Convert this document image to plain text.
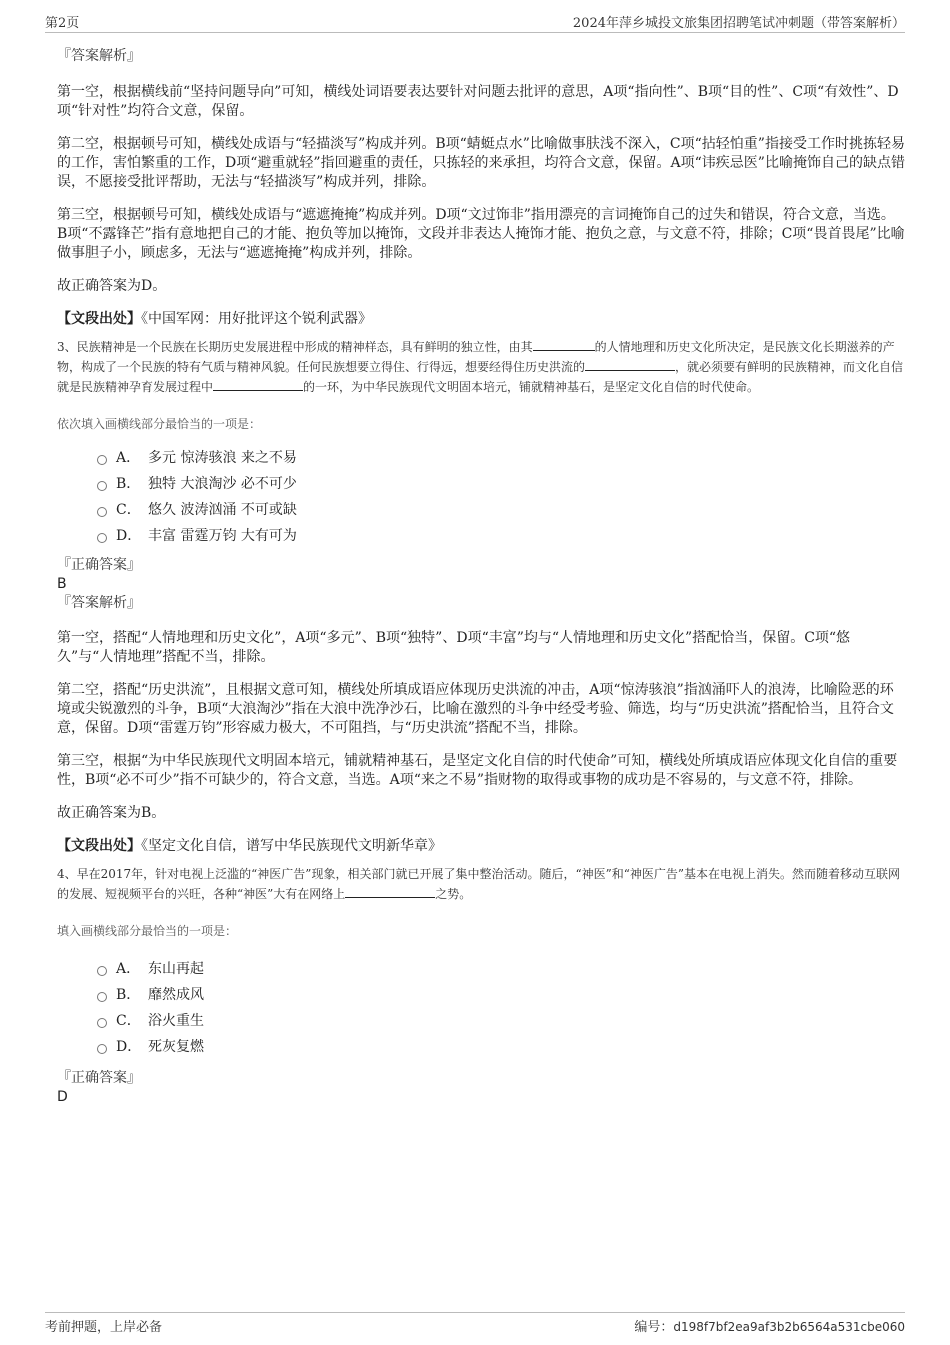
第2页	2024年萍乡城投文旅集团招聘笔试冲刺题（带答案解析）
『答案解析』

第一空，根据横线前“坚持问题导向”可知，横线处词语要表达要针对问题去批评的意思，A项“指向性”、B项“目的性”、C项“有效性”、D项“针对性”均符合文意，保留。

第二空，根据顿号可知，横线处成语与“轻描淡写”构成并列。B项“蜻蜓点水”比喻做事肤浅不深入，C项“拈轻怕重”指接受工作时挑拣轻易的工作，害怕繁重的工作，D项“避重就轻”指回避重的责任，只拣轻的来承担，均符合文意，保留。A项“讳疾忌医”比喻掩饰自己的缺点错误，不愿接受批评帮助，无法与“轻描淡写”构成并列，排除。

第三空，根据顿号可知，横线处成语与“遮遮掩掩”构成并列。D项“文过饰非”指用漂亮的言词掩饰自己的过失和错误，符合文意，当选。B项“不露锋芒”指有意地把自己的才能、抱负等加以掩饰，文段并非表达人掩饰才能、抱负之意，与文意不符，排除；C项“畏首畏尾”比喻做事胆子小，顾虑多，无法与“遮遮掩掩”构成并列，排除。

故正确答案为D。

【文段出处】《中国军网：用好批评这个锐利武器》

3、民族精神是一个民族在长期历史发展进程中形成的精神样态，具有鲜明的独立性，由其	的人情地理和历史文化所决定，是民族文化长期滋养的产物，构成了一个民族的特有气质与精神风貌。任何民族想要立得住、行得远，想要经得住历史洪流的	，就必须要有鲜明的民族精神，而文化自信就是民族精神孕育发展过程中	的一环，为中华民族现代文明固本培元，铺就精神基石，是坚定文化自信的时代使命。

依次填入画横线部分最恰当的一项是：
A． 多元 惊涛骇浪 来之不易
B． 独特 大浪淘沙 必不可少
C． 悠久 波涛汹涌 不可或缺
D． 丰富 雷霆万钧 大有可为
『正确答案』
B
『答案解析』

第一空，搭配“人情地理和历史文化”，A项“多元”、B项“独特”、D项“丰富”均与“人情地理和历史文化”搭配恰当，保留。C项“悠久”与“人情地理”搭配不当，排除。

第二空，搭配“历史洪流”，且根据文意可知，横线处所填成语应体现历史洪流的冲击，A项“惊涛骇浪”指汹涌吓人的浪涛，比喻险恶的环境或尖锐激烈的斗争，B项“大浪淘沙”指在大浪中洗净沙石，比喻在激烈的斗争中经受考验、筛选，均与“历史洪流”搭配恰当，且符合文意，保留。D项“雷霆万钧”形容威力极大，不可阻挡，与“历史洪流”搭配不当，排除。

第三空，根据“为中华民族现代文明固本培元，铺就精神基石，是坚定文化自信的时代使命”可知，横线处所填成语应体现文化自信的重要性，B项“必不可少”指不可缺少的，符合文意，当选。A项“来之不易”指财物的取得或事物的成功是不容易的，与文意不符，排除。

故正确答案为B。

【文段出处】《坚定文化自信，谱写中华民族现代文明新华章》

4、早在2017年，针对电视上泛滥的“神医广告”现象，相关部门就已开展了集中整治活动。随后，“神医”和“神医广告”基本在电视上消失。然而随着移动互联网的发展、短视频平台的兴旺，各种“神医”大有在网络上	之势。

填入画横线部分最恰当的一项是：
A． 东山再起
B． 靡然成风
C． 浴火重生
D． 死灰复燃
『正确答案』
D
考前押题，上岸必备	编号：d198f7bf2ea9af3b2b6564a531cbe060
